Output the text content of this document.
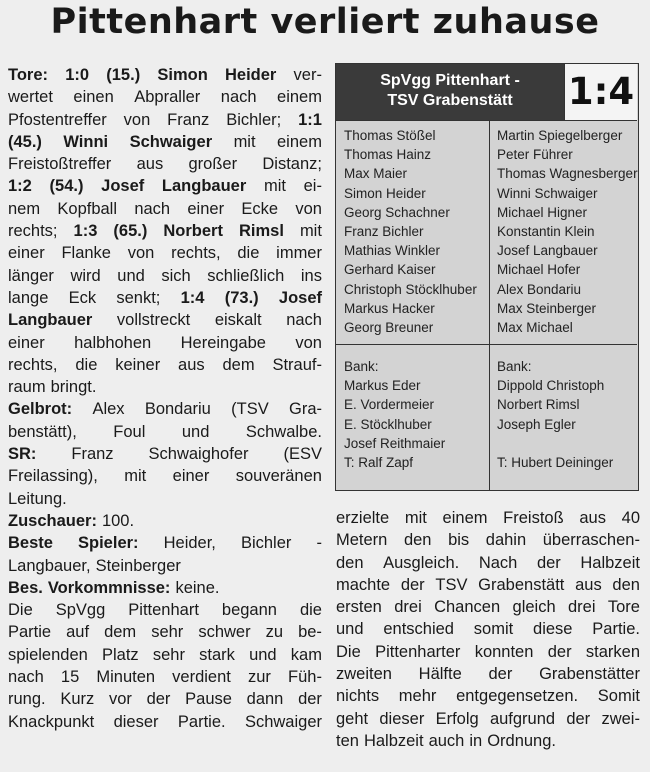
Pittenhart verliert zuhause
Tore: 1:0 (15.) Simon Heider ver-
wertet einen Abpraller nach einem
Pfostentreffer von Franz Bichler; 1:1
(45.) Winni Schwaiger mit einem
Freistoßtreffer aus großer Distanz;
1:2 (54.) Josef Langbauer mit ei-
nem Kopfball nach einer Ecke von
rechts; 1:3 (65.) Norbert Rimsl mit
einer Flanke von rechts, die immer
länger wird und sich schließlich ins
lange Eck senkt; 1:4 (73.) Josef
Langbauer vollstreckt eiskalt nach
einer halbhohen Hereingabe von
rechts, die keiner aus dem Strauf-
raum bringt.
Gelbrot: Alex Bondariu (TSV Gra-
benstätt), Foul und Schwalbe.
SR: Franz Schwaighofer (ESV
Freilassing), mit einer souveränen
Leitung.
Zuschauer: 100.
Beste Spieler: Heider, Bichler -
Langbauer, Steinberger
Bes. Vorkommnisse: keine.
Die SpVgg Pittenhart begann die
Partie auf dem sehr schwer zu be-
spielenden Platz sehr stark und kam
nach 15 Minuten verdient zur Füh-
rung. Kurz vor der Pause dann der
Knackpunkt dieser Partie. Schwaiger
erzielte mit einem Freistoß aus 40
Metern den bis dahin überraschen-
den Ausgleich. Nach der Halbzeit
machte der TSV Grabenstätt aus den
ersten drei Chancen gleich drei Tore
und entschied somit diese Partie.
Die Pittenharter konnten der starken
zweiten Hälfte der Grabenstätter
nichts mehr entgegensetzen. Somit
geht dieser Erfolg aufgrund der zwei-
ten Halbzeit auch in Ordnung.
SpVgg Pittenhart -
TSV Grabenstätt	1:4
Thomas Stößel
Thomas Hainz
Max Maier
Simon Heider
Georg Schachner
Franz Bichler
Mathias Winkler
Gerhard Kaiser
Christoph Stöcklhuber
Markus Hacker
Georg Breuner
Martin Spiegelberger
Peter Führer
Thomas Wagnesberger
Winni Schwaiger
Michael Higner
Konstantin Klein
Josef Langbauer
Michael Hofer
Alex Bondariu
Max Steinberger
Max Michael
Bank:
Markus Eder
E. Vordermeier
E. Stöcklhuber
Josef Reithmaier
Bank:
Dippold Christoph
Norbert Rimsl
Joseph Egler
T: Ralf Zapf	T: Hubert Deininger
